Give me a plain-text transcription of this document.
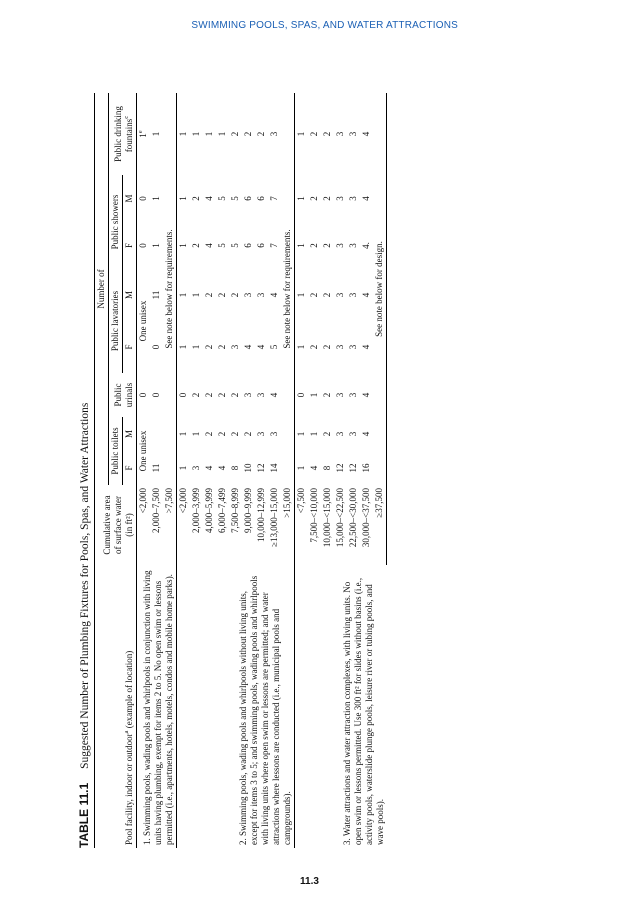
SWIMMING POOLS, SPAS, AND WATER ATTRACTIONS
TABLE 11.1Suggested Number of Plumbing Fixtures for Pools, Spas, and Water Attractions
Pool facility, indoor or outdoor$^a$ (example of location)	Cumulative area
of surface water
(in ft²)	Number of							
		Public toilets		Public urinals	Public lavatories		Public showers		Public drinking fountains$^c$
		F	M		F	M	F	M	
1. Swimming pools, wading pools and whirlpools in conjunction with living units having plumbing, exempt for items 2 to 5. No open swim or lessons permitted (i.e., apartments, hotels, motels, condos and mobile home parks).	<2,000	One unisex		0	One unisex		0	0	1e
	2,000–7,500	11		0	0	11	1	1	1
	>7,500	See note below for requirements.							
2. Swimming pools, wading pools and whirlpools without living units, except for items 3 to 5; and swimming pools, wading pools and whirlpools with living units where open swim or lessons are permitted; and water attractions where lessons are conducted (i.e., municipal pools and campgrounds).	<2,000	1	1	0	1	1	1	1	1
	2,000–3,999	3	1	2	1	1	2	2	1
	4,000–5,999	4	2	2	2	2	4	4	1
	6,000–7,499	4	2	2	2	2	5	5	1
	7,500–8,999	8	2	2	3	2	5	5	2
	9,000–9,999	10	2	3	4	3	6	6	2
	10,000–12,999	12	3	3	4	3	6	6	2
	≥13,000–15,000	14	3	4	5	4	7	7	3
	>15,000	See note below for requirements.							
3. Water attractions and water attraction complexes, with living units. No open swim or lessons permitted. Use 300 ft² for slides without basins (i.e., activity pools, waterslide plunge pools, leisure river or tubing pools, and wave pools).	<7,500	1	1	0	1	1	1	1	1
	7,500–<10,000	4	1	1	2	2	2	2	2
	10,000–<15,000	8	2	2	2	2	2	2	2
	15,000–<22,500	12	3	3	3	3	3	3	3
	22,500–<30,000	12	3	3	3	3	3	3	3
	30,000–<37,500	16	4	4	4	4	4.	4	4
	≥37,500	See note below for design.							
11.3
